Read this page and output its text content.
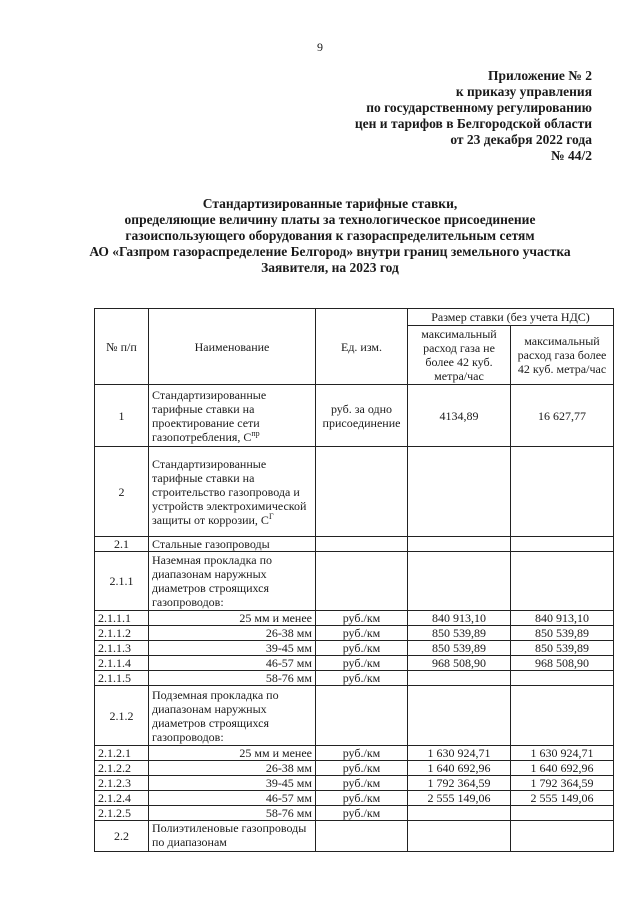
9
Приложение № 2
к приказу управления
по государственному регулированию
цен и тарифов в Белгородской области
от 23 декабря 2022 года
№ 44/2
Стандартизированные тарифные ставки,
определяющие величину платы за технологическое присоединение
газоиспользующего оборудования к газораспределительным сетям
АО «Газпром газораспределение Белгород» внутри границ земельного участка
Заявителя, на 2023 год
№ п/п	Наименование	Ед. изм.	Размер ставки (без учета НДС)	
			максимальный расход газа не более 42 куб. метра/час	максимальный расход газа более 42 куб. метра/час
1	Стандартизированные тарифные ставки на проектирование сети газопотребления, $С^{пр}$	руб. за одно присоединение	4134,89	16 627,77
2	Стандартизированные тарифные ставки на строительство газопровода и устройств электрохимической защиты от коррозии, $С^Г$			
2.1	Стальные газопроводы			
2.1.1	Наземная прокладка по диапазонам наружных диаметров строящихся газопроводов:			
2.1.1.1	25 мм и менее	руб./км	840 913,10	840 913,10
2.1.1.2	26-38 мм	руб./км	850 539,89	850 539,89
2.1.1.3	39-45 мм	руб./км	850 539,89	850 539,89
2.1.1.4	46-57 мм	руб./км	968 508,90	968 508,90
2.1.1.5	58-76 мм	руб./км		
2.1.2	Подземная прокладка по диапазонам наружных диаметров строящихся газопроводов:			
2.1.2.1	25 мм и менее	руб./км	1 630 924,71	1 630 924,71
2.1.2.2	26-38 мм	руб./км	1 640 692,96	1 640 692,96
2.1.2.3	39-45 мм	руб./км	1 792 364,59	1 792 364,59
2.1.2.4	46-57 мм	руб./км	2 555 149,06	2 555 149,06
2.1.2.5	58-76 мм	руб./км		
2.2	Полиэтиленовые газопроводы по диапазонам			
